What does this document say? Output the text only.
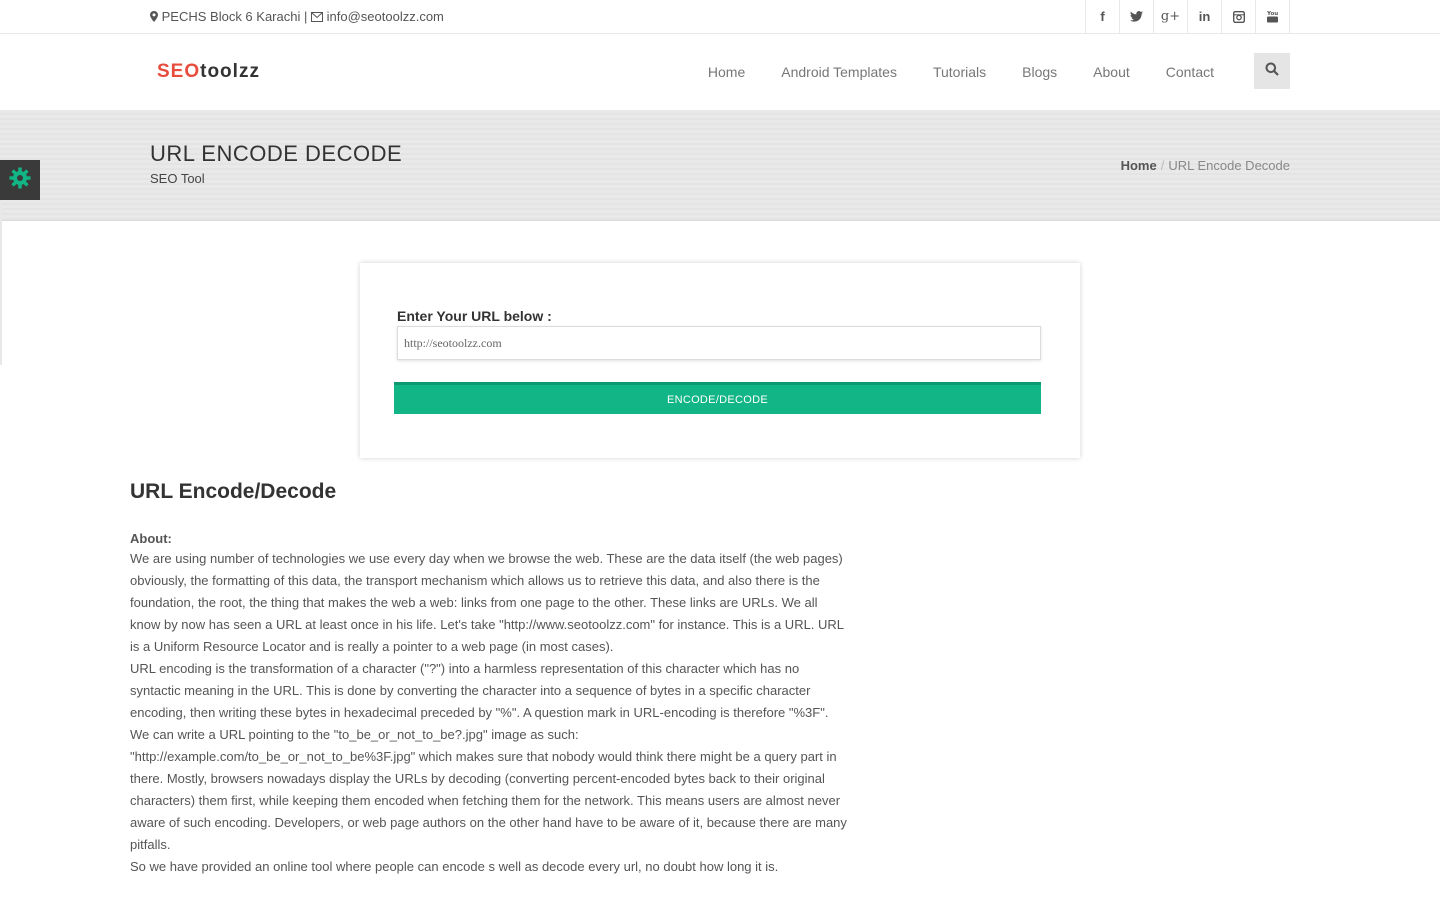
PECHS Block 6 Karachi | info@seotoolzz.com	f	g+	in	You
SEOtoolzz	Home	Android Templates	Tutorials	Blogs	About	Contact
URL ENCODE DECODE
SEO Tool
Home / URL Encode Decode
Enter Your URL below :
http://seotoolzz.com
ENCODE/DECODE
URL Encode/Decode
About:

We are using number of technologies we use every day when we browse the web. These are the data itself (the web pages) obviously, the formatting of this data, the transport mechanism which allows us to retrieve this data, and also there is the foundation, the root, the thing that makes the web a web: links from one page to the other. These links are URLs. We all know by now has seen a URL at least once in his life. Let's take "http://www.seotoolzz.com" for instance. This is a URL. URL is a Uniform Resource Locator and is really a pointer to a web page (in most cases).

URL encoding is the transformation of a character ("?") into a harmless representation of this character which has no syntactic meaning in the URL. This is done by converting the character into a sequence of bytes in a specific character encoding, then writing these bytes in hexadecimal preceded by "%". A question mark in URL-encoding is therefore "%3F". We can write a URL pointing to the "to_be_or_not_to_be?.jpg" image as such: "http://example.com/to_be_or_not_to_be%3F.jpg" which makes sure that nobody would think there might be a query part in there. Mostly, browsers nowadays display the URLs by decoding (converting percent-encoded bytes back to their original characters) them first, while keeping them encoded when fetching them for the network. This means users are almost never aware of such encoding. Developers, or web page authors on the other hand have to be aware of it, because there are many pitfalls.

So we have provided an online tool where people can encode s well as decode every url, no doubt how long it is.
